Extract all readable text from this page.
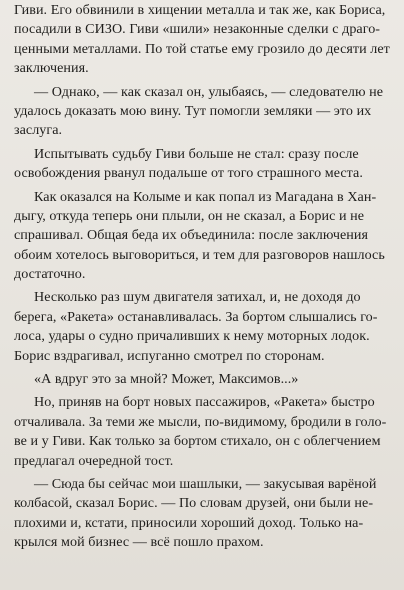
Гиви. Его обвинили в хищении металла и так же, как Бориса,
посадили в СИЗО. Гиви «шили» незаконные сделки с драго-
ценными металлами. По той статье ему грозило до десяти лет
заключения.
— Однако, — как сказал он, улыбаясь, — следователю не
удалось доказать мою вину. Тут помогли земляки — это их
заслуга.
Испытывать судьбу Гиви больше не стал: сразу после
освобождения рванул подальше от того страшного места.
Как оказался на Колыме и как попал из Магадана в Хан-
дыгу, откуда теперь они плыли, он не сказал, а Борис и не
спрашивал. Общая беда их объединила: после заключения
обоим хотелось выговориться, и тем для разговоров нашлось
достаточно.
Несколько раз шум двигателя затихал, и, не доходя до
берега, «Ракета» останавливалась. За бортом слышались го-
лоса, удары о судно причаливших к нему моторных лодок.
Борис вздрагивал, испуганно смотрел по сторонам.
«А вдруг это за мной? Может, Максимов...»
Но, приняв на борт новых пассажиров, «Ракета» быстро
отчаливала. За теми же мысли, по-видимому, бродили в голо-
ве и у Гиви. Как только за бортом стихало, он с облегчением
предлагал очередной тост.
— Сюда бы сейчас мои шашлыки, — закусывая варёной
колбасой, сказал Борис. — По словам друзей, они были не-
плохими и, кстати, приносили хороший доход. Только на-
крылся мой бизнес — всё пошло прахом.
